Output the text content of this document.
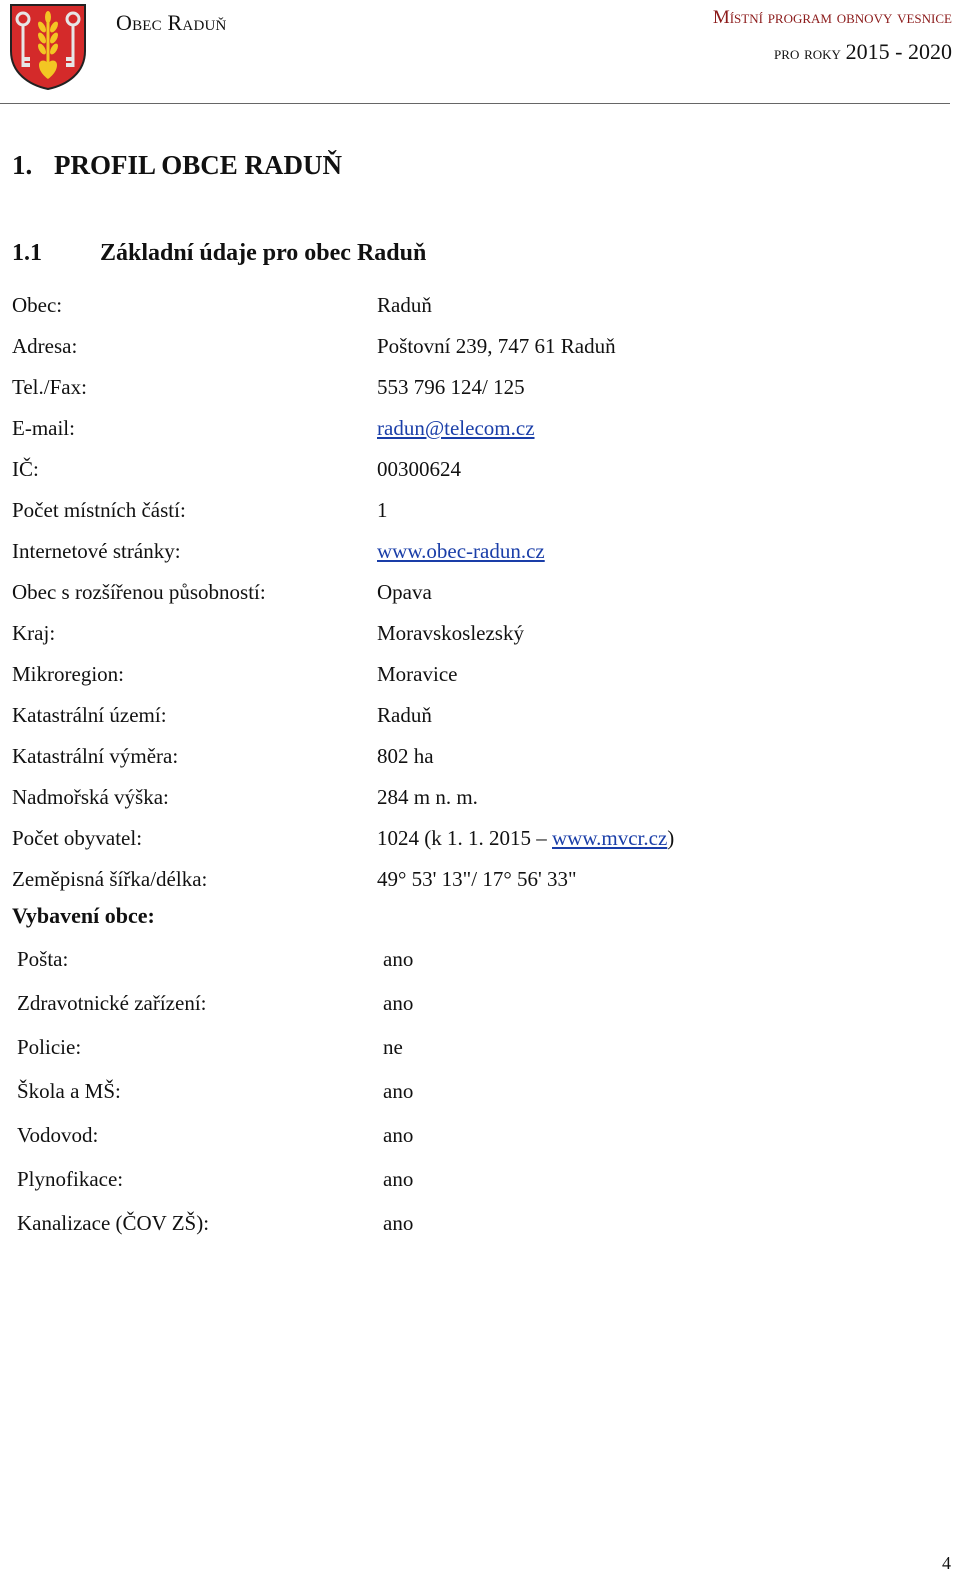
Obec Raduň	Místní program obnovy vesnice
pro roky 2015 - 2020
1. PROFIL OBCE RADUŇ
1.1 Základní údaje pro obec Raduň
Obec:	Raduň
Adresa:	Poštovní 239, 747 61 Raduň
Tel./Fax:	553 796 124/ 125
E-mail:	radun@telecom.cz
IČ:	00300624
Počet místních částí:	1
Internetové stránky:	www.obec-radun.cz
Obec s rozšířenou působností:	Opava
Kraj:	Moravskoslezský
Mikroregion:	Moravice
Katastrální území:	Raduň
Katastrální výměra:	802 ha
Nadmořská výška:	284 m n. m.
Počet obyvatel:	1024 (k 1. 1. 2015 – www.mvcr.cz)
Zeměpisná šířka/délka:	49° 53' 13"/ 17° 56' 33"
Vybavení obce:
Pošta:	ano
Zdravotnické zařízení:	ano
Policie:	ne
Škola a MŠ:	ano
Vodovod:	ano
Plynofikace:	ano
Kanalizace (ČOV ZŠ):	ano
4
